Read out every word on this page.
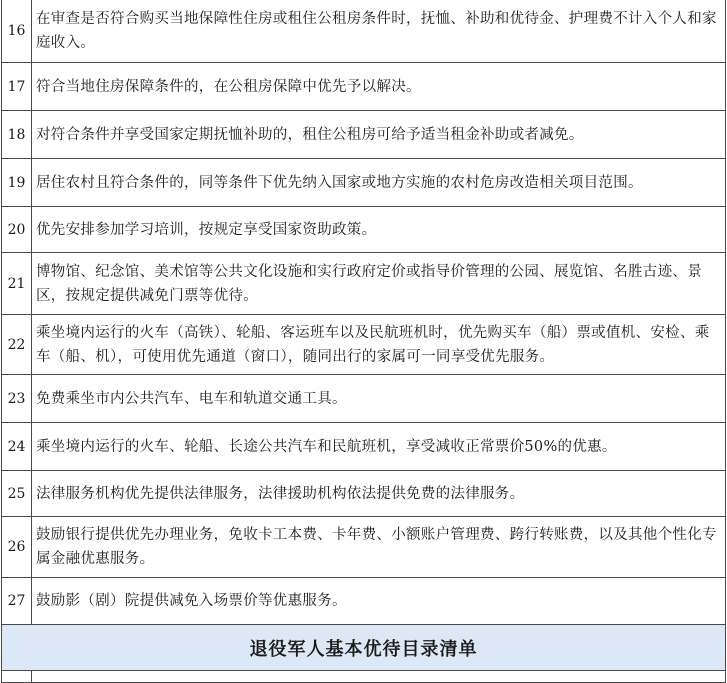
16	在审查是否符合购买当地保障性住房或租住公租房条件时，抚恤、补助和优待金、护理费不计入个人和家庭收入。
17	符合当地住房保障条件的，在公租房保障中优先予以解决。
18	对符合条件并享受国家定期抚恤补助的，租住公租房可给予适当租金补助或者减免。
19	居住农村且符合条件的，同等条件下优先纳入国家或地方实施的农村危房改造相关项目范围。
20	优先安排参加学习培训，按规定享受国家资助政策。
21	博物馆、纪念馆、美术馆等公共文化设施和实行政府定价或指导价管理的公园、展览馆、名胜古迹、景区，按规定提供减免门票等优待。
22	乘坐境内运行的火车（高铁）、轮船、客运班车以及民航班机时，优先购买车（船）票或值机、安检、乘车（船、机），可使用优先通道（窗口），随同出行的家属可一同享受优先服务。
23	免费乘坐市内公共汽车、电车和轨道交通工具。
24	乘坐境内运行的火车、轮船、长途公共汽车和民航班机，享受减收正常票价50%的优惠。
25	法律服务机构优先提供法律服务，法律援助机构依法提供免费的法律服务。
26	鼓励银行提供优先办理业务，免收卡工本费、卡年费、小额账户管理费、跨行转账费，以及其他个性化专属金融优惠服务。
27	鼓励影（剧）院提供减免入场票价等优惠服务。
退役军人基本优待目录清单	
